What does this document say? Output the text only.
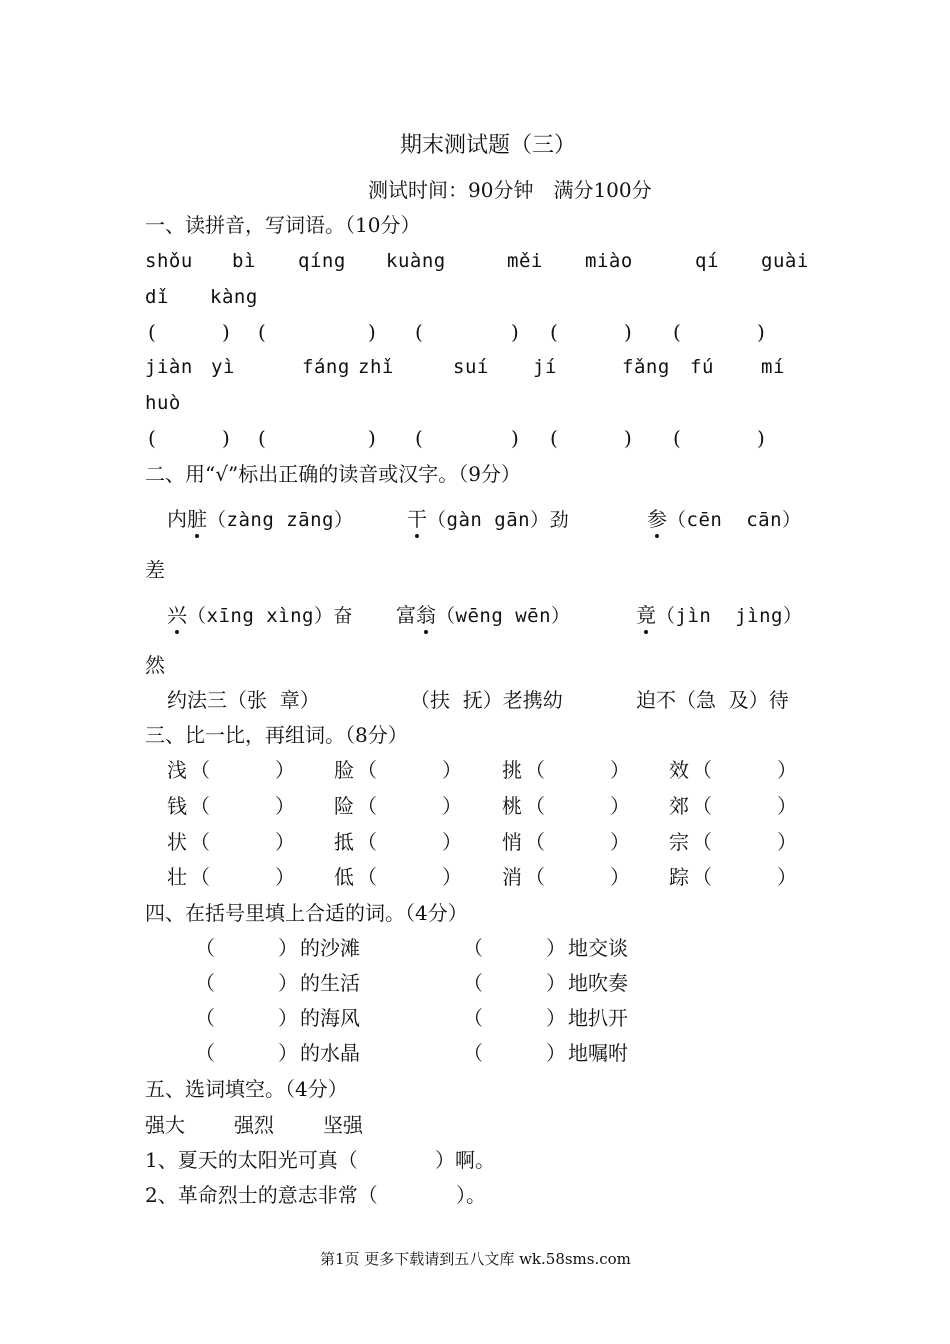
期末测试题（三）
测试时间：90分钟　满分100分
一、读拼音，写词语。（10分）
shǒu bì qíng kuàng	měi miào	qí guài
dǐ kàng
(	) (	) (	) (	) (	)
jiàn yì	fáng zhǐ	suí jí	fǎng fú mí
huò
(	) (	) (	) (	) (	)
二、用“√”标出正确的读音或汉字。（9分）
内脏（zàng zāng）	干（gàn gān）劲	参（cēn  cān）
差
兴（xīng xìng）奋 富翁（wēng wēn）	竟（jìn  jìng）
然
约法三（张  章）	（扶  抚）老携幼	迫不（急  及）待
三、比一比，再组词。（8分）
浅 （	） 脸 （	） 挑 （	） 效 （	）
钱 （	） 险 （	） 桃 （	） 郊 （	）
状 （	） 抵 （	） 悄 （	） 宗 （	）
壮 （	） 低 （	） 消 （	） 踪 （	）
四、在括号里填上合适的词。（4分）
（	） 的沙滩	（	） 地交谈
（	） 的生活	（	） 地吹奏
（	） 的海风	（	） 地扒开
（	） 的水晶	（	） 地嘱咐
五、选词填空。（4分）
强大 强烈 坚强
1、夏天的太阳光可真（	）啊。
2、革命烈士的意志非常（	）。
第1页 更多下载请到五八文库 wk.58sms.com
